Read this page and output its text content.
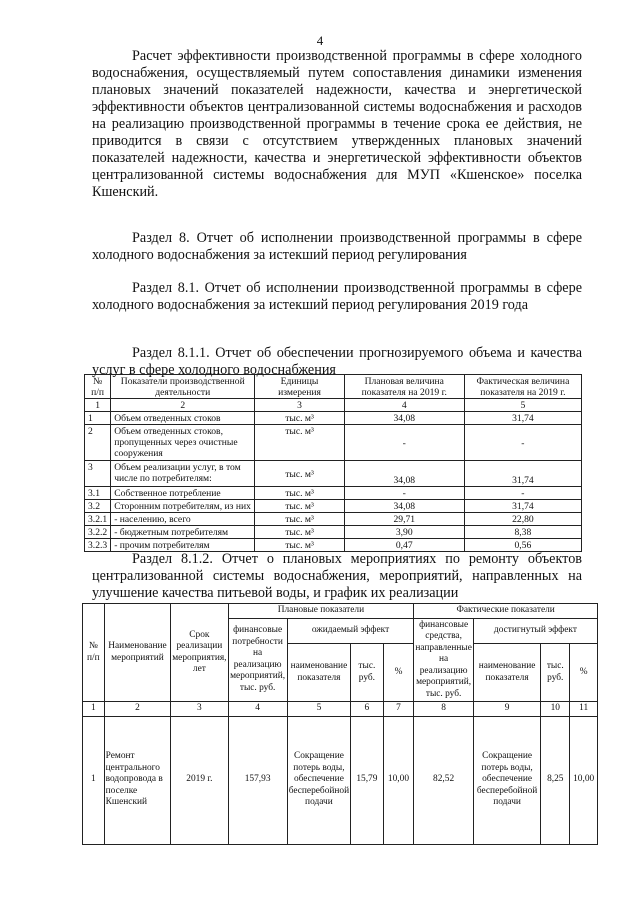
4

Расчет эффективности производственной программы в сфере холодного водоснабжения, осуществляемый путем сопоставления динамики изменения плановых значений показателей надежности, качества и энергетической эффективности объектов централизованной системы водоснабжения и расходов на реализацию производственной программы в течение срока ее действия, не приводится в связи с отсутствием утвержденных плановых значений показателей надежности, качества и энергетической эффективности объектов централизованной системы водоснабжения для МУП «Кшенское» поселка Кшенский.

Раздел 8. Отчет об исполнении производственной программы в сфере холодного водоснабжения за истекший период регулирования

Раздел 8.1. Отчет об исполнении производственной программы в сфере холодного водоснабжения за истекший период регулирования 2019 года

Раздел 8.1.1. Отчет об обеспечении прогнозируемого объема и качества услуг в сфере холодного водоснабжения

№ п/п	Показатели производственной деятельности	Единицы измерения	Плановая величина показателя на 2019 г.	Фактическая величина показателя на 2019 г.
1	2	3	4	5
1	Объем отведенных стоков	тыс. м³	34,08	31,74
2	Объем отведенных стоков, пропущенных через очистные сооружения	тыс. м³	-	-
3	Объем реализации услуг, в том числе по потребителям:	тыс. м³	34,08	31,74
3.1	Собственное потребление	тыс. м³	-	-
3.2	Сторонним потребителям, из них	тыс. м³	34,08	31,74
3.2.1	- населению, всего	тыс. м³	29,71	22,80
3.2.2	- бюджетным потребителям	тыс. м³	3,90	8,38
3.2.3	- прочим потребителям	тыс. м³	0,47	0,56

Раздел 8.1.2. Отчет о плановых мероприятиях по ремонту объектов централизованной системы водоснабжения, мероприятий, направленных на улучшение качества питьевой воды, и график их реализации

№ п/п	Наименование мероприятий	Срок реализации мероприятия, лет	Плановые показатели				Фактические показатели			
			финансовые потребности на реализацию мероприятий, тыс. руб.	ожидаемый эффект			финансовые средства, направленные на реализацию мероприятий, тыс. руб.	достигнутый эффект		
				наименование показателя	тыс. руб.	%		наименование показателя	тыс. руб.	%
1	2	3	4	5	6	7	8	9	10	11
1	Ремонт центрального водопровода в поселке Кшенский	2019 г.	157,93	Сокращение потерь воды, обеспечение бесперебойной подачи	15,79	10,00	82,52	Сокращение потерь воды, обеспечение бесперебойной подачи	8,25	10,00
